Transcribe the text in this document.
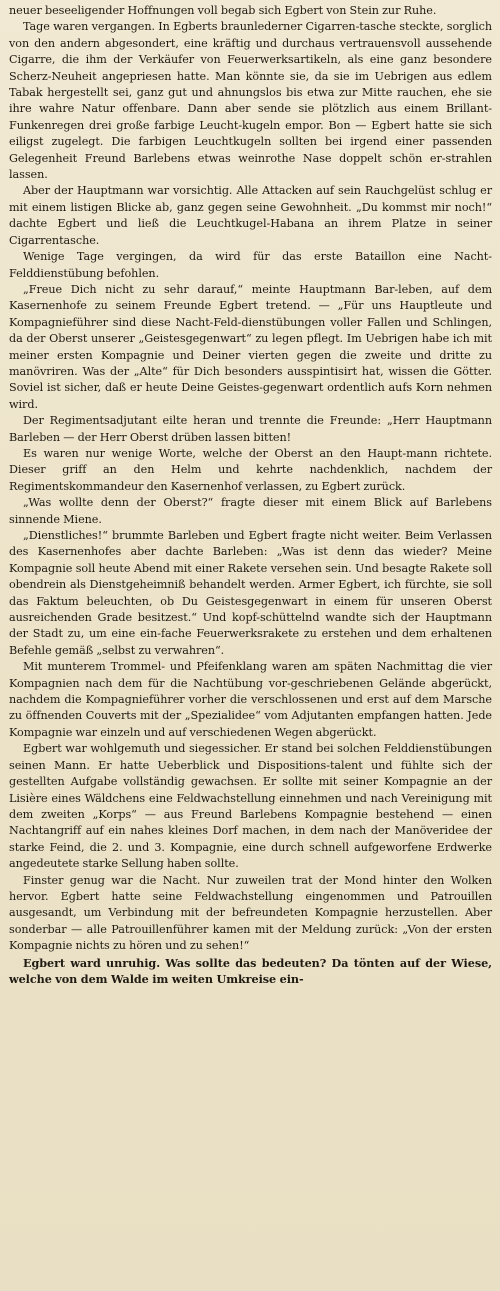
neuer beseeligender Hoffnungen voll begab sich Egbert von Stein zur Ruhe.

Tage waren vergangen. In Egberts braunlederner Cigarren-tasche steckte, sorglich von den andern abgesondert, eine kräftig und durchaus vertrauensvoll aussehende Cigarre, die ihm der Verkäufer von Feuerwerksartikeln, als eine ganz besondere Scherz-Neuheit angepriesen hatte. Man könnte sie, da sie im Uebrigen aus edlem Tabak hergestellt sei, ganz gut und ahnungslos bis etwa zur Mitte rauchen, ehe sie ihre wahre Natur offenbare. Dann aber sende sie plötzlich aus einem Brillant-Funkenregen drei große farbige Leucht-kugeln empor. Bon — Egbert hatte sie sich eiligst zugelegt. Die farbigen Leuchtkugeln sollten bei irgend einer passenden Gelegenheit Freund Barlebens etwas weinrothe Nase doppelt schön er-strahlen lassen.

Aber der Hauptmann war vorsichtig. Alle Attacken auf sein Rauchgelüst schlug er mit einem listigen Blicke ab, ganz gegen seine Gewohnheit. „Du kommst mir noch!“ dachte Egbert und ließ die Leuchtkugel-Habana an ihrem Platze in seiner Cigarrentasche.

Wenige Tage vergingen, da wird für das erste Bataillon eine Nacht-Felddienstübung befohlen.

„Freue Dich nicht zu sehr darauf,“ meinte Hauptmann Bar-leben, auf dem Kasernenhofe zu seinem Freunde Egbert tretend. — „Für uns Hauptleute und Kompagnieführer sind diese Nacht-Feld-dienstübungen voller Fallen und Schlingen, da der Oberst unserer „Geistesgegenwart“ zu legen pflegt. Im Uebrigen habe ich mit meiner ersten Kompagnie und Deiner vierten gegen die zweite und dritte zu manövriren. Was der „Alte“ für Dich besonders ausspintisirt hat, wissen die Götter. Soviel ist sicher, daß er heute Deine Geistes-gegenwart ordentlich aufs Korn nehmen wird.

Der Regimentsadjutant eilte heran und trennte die Freunde: „Herr Hauptmann Barleben — der Herr Oberst drüben lassen bitten!

Es waren nur wenige Worte, welche der Oberst an den Haupt-mann richtete. Dieser griff an den Helm und kehrte nachdenklich, nachdem der Regimentskommandeur den Kasernenhof verlassen, zu Egbert zurück.

„Was wollte denn der Oberst?“ fragte dieser mit einem Blick auf Barlebens sinnende Miene.

„Dienstliches!“ brummte Barleben und Egbert fragte nicht weiter. Beim Verlassen des Kasernenhofes aber dachte Barleben: „Was ist denn das wieder? Meine Kompagnie soll heute Abend mit einer Rakete versehen sein. Und besagte Rakete soll obendrein als Dienstgeheimniß behandelt werden. Armer Egbert, ich fürchte, sie soll das Faktum beleuchten, ob Du Geistesgegenwart in einem für unseren Oberst ausreichenden Grade besitzest.“ Und kopf-schüttelnd wandte sich der Hauptmann der Stadt zu, um eine ein-fache Feuerwerksrakete zu erstehen und dem erhaltenen Befehle gemäß „selbst zu verwahren“.

Mit munterem Trommel- und Pfeifenklang waren am späten Nachmittag die vier Kompagnien nach dem für die Nachtübung vor-geschriebenen Gelände abgerückt, nachdem die Kompagnieführer vorher die verschlossenen und erst auf dem Marsche zu öffnenden Couverts mit der „Spezialidee“ vom Adjutanten empfangen hatten. Jede Kompagnie war einzeln und auf verschiedenen Wegen abgerückt.

Egbert war wohlgemuth und siegessicher. Er stand bei solchen Felddienstübungen seinen Mann. Er hatte Ueberblick und Dispositions-talent und fühlte sich der gestellten Aufgabe vollständig gewachsen. Er sollte mit seiner Kompagnie an der Lisière eines Wäldchens eine Feldwachstellung einnehmen und nach Vereinigung mit dem zweiten „Korps“ — aus Freund Barlebens Kompagnie bestehend — einen Nachtangriff auf ein nahes kleines Dorf machen, in dem nach der Manöveridee der starke Feind, die 2. und 3. Kompagnie, eine durch schnell aufgeworfene Erdwerke angedeutete starke Sellung haben sollte.

Finster genug war die Nacht. Nur zuweilen trat der Mond hinter den Wolken hervor. Egbert hatte seine Feldwachstellung eingenommen und Patrouillen ausgesandt, um Verbindung mit der befreundeten Kompagnie herzustellen. Aber sonderbar — alle Patrouillenführer kamen mit der Meldung zurück: „Von der ersten Kompagnie nichts zu hören und zu sehen!“

Egbert ward unruhig. Was sollte das bedeuten? Da tönten auf der Wiese, welche von dem Walde im weiten Umkreise ein-
